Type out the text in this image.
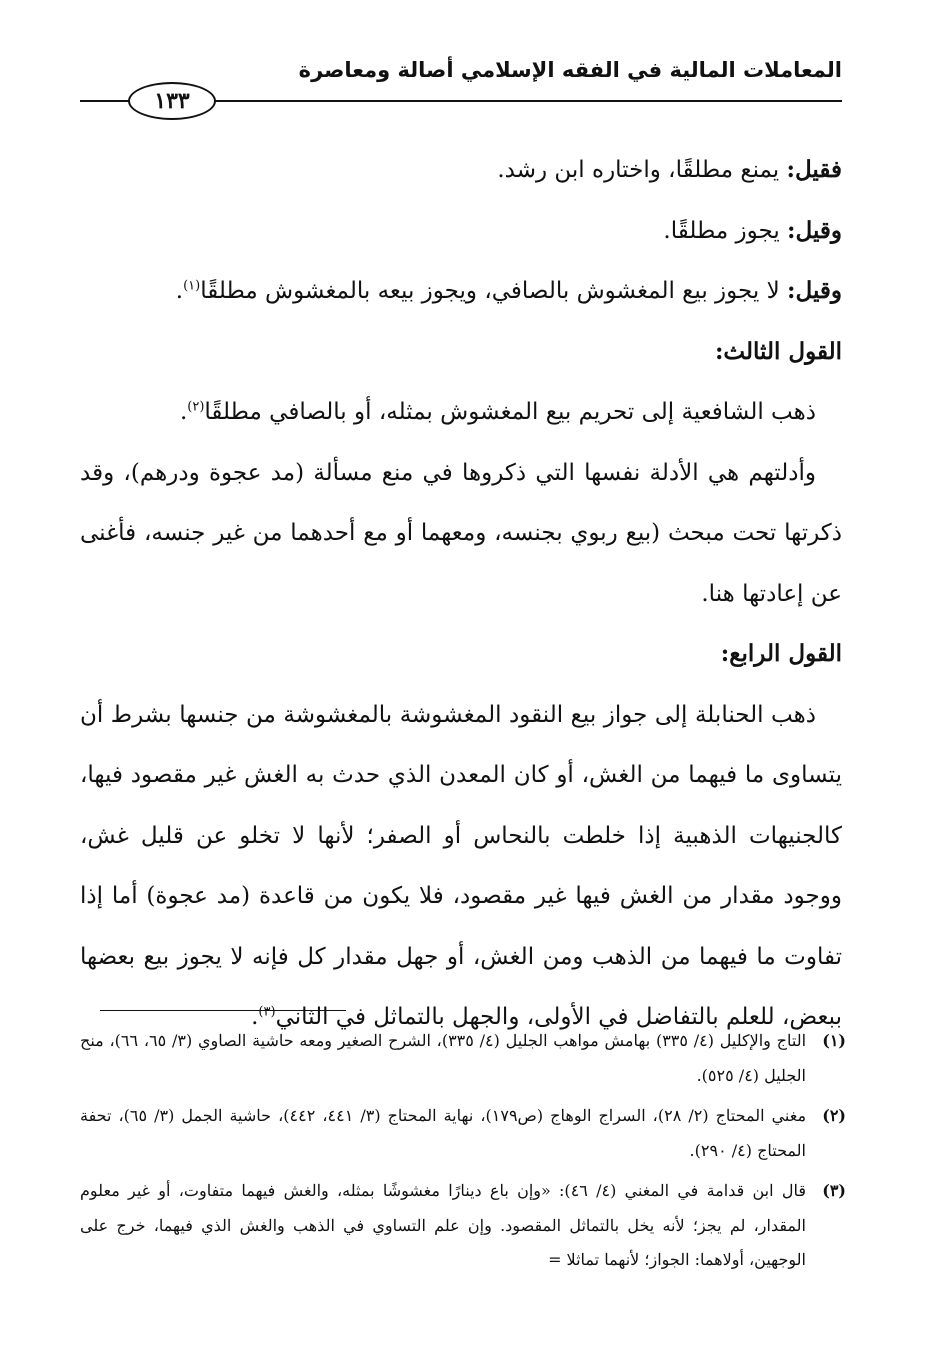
المعاملات المالية في الفقه الإسلامي أصالة ومعاصرة
١٣٣

فقيل: يمنع مطلقًا، واختاره ابن رشد.

وقيل: يجوز مطلقًا.

وقيل: لا يجوز بيع المغشوش بالصافي، ويجوز بيعه بالمغشوش مطلقًا$^{(١)}$.

القول الثالث:

ذهب الشافعية إلى تحريم بيع المغشوش بمثله، أو بالصافي مطلقًا$^{(٢)}$.

وأدلتهم هي الأدلة نفسها التي ذكروها في منع مسألة (مد عجوة ودرهم)، وقد ذكرتها تحت مبحث (بيع ربوي بجنسه، ومعهما أو مع أحدهما من غير جنسه، فأغنى عن إعادتها هنا.

القول الرابع:

ذهب الحنابلة إلى جواز بيع النقود المغشوشة بالمغشوشة من جنسها بشرط أن يتساوى ما فيهما من الغش، أو كان المعدن الذي حدث به الغش غير مقصود فيها، كالجنيهات الذهبية إذا خلطت بالنحاس أو الصفر؛ لأنها لا تخلو عن قليل غش، ووجود مقدار من الغش فيها غير مقصود، فلا يكون من قاعدة (مد عجوة) أما إذا تفاوت ما فيهما من الذهب ومن الغش، أو جهل مقدار كل فإنه لا يجوز بيع بعضها ببعض، للعلم بالتفاضل في الأولى، والجهل بالتماثل في الثاني$^{(٣)}$.

(١)
التاج والإكليل (٤/ ٣٣٥) بهامش مواهب الجليل (٤/ ٣٣٥)، الشرح الصغير ومعه حاشية الصاوي (٣/ ٦٥، ٦٦)، منح الجليل (٤/ ٥٢٥).

(٢)
مغني المحتاج (٢/ ٢٨)، السراج الوهاج (ص١٧٩)، نهاية المحتاج (٣/ ٤٤١، ٤٤٢)، حاشية الجمل (٣/ ٦٥)، تحفة المحتاج (٤/ ٢٩٠).

(٣)
قال ابن قدامة في المغني (٤/ ٤٦): «وإن باع دينارًا مغشوشًا بمثله، والغش فيهما متفاوت، أو غير معلوم المقدار، لم يجز؛ لأنه يخل بالتماثل المقصود. وإن علم التساوي في الذهب والغش الذي فيهما، خرج على الوجهين، أولاهما: الجواز؛ لأنهما تماثلا =
